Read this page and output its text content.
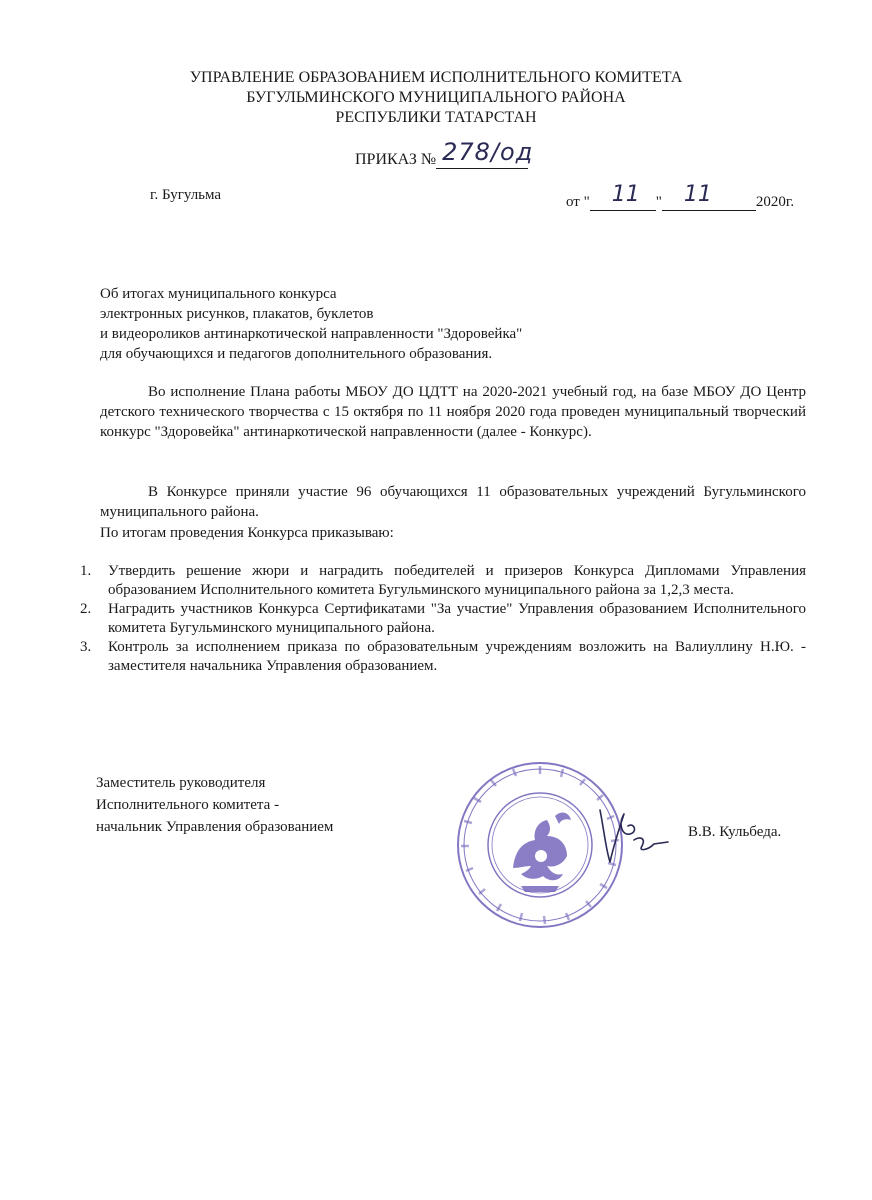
УПРАВЛЕНИЕ ОБРАЗОВАНИЕМ ИСПОЛНИТЕЛЬНОГО КОМИТЕТА
БУГУЛЬМИНСКОГО МУНИЦИПАЛЬНОГО РАЙОНА
РЕСПУБЛИКИ ТАТАРСТАН
ПРИКАЗ № 278/од
г. Бугульма	от " 11 " 11	2020г.
Об итогах муниципального конкурса
электронных рисунков, плакатов, буклетов
и видеороликов антинаркотической направленности "Здоровейка"
для обучающихся и педагогов дополнительного образования.
Во исполнение Плана работы МБОУ ДО ЦДТТ на 2020-2021 учебный год, на базе МБОУ ДО Центр детского технического творчества с 15 октября по 11 ноября 2020 года проведен муниципальный творческий конкурс "Здоровейка" антинаркотической направленности (далее - Конкурс).
В Конкурсе приняли участие 96 обучающихся 11 образовательных учреждений Бугульминского муниципального района.
По итогам проведения Конкурса приказываю:
1. Утвердить решение жюри и наградить победителей и призеров Конкурса Дипломами Управления образованием Исполнительного комитета Бугульминского муниципального района за 1,2,3 места.
2. Наградить участников Конкурса Сертификатами "За участие" Управления образованием Исполнительного комитета Бугульминского муниципального района.
3. Контроль за исполнением приказа по образовательным учреждениям возложить на Валиуллину Н.Ю. - заместителя начальника Управления образованием.
Заместитель руководителя
Исполнительного комитета -
начальник Управления образованием	В.В. Кульбеда.
